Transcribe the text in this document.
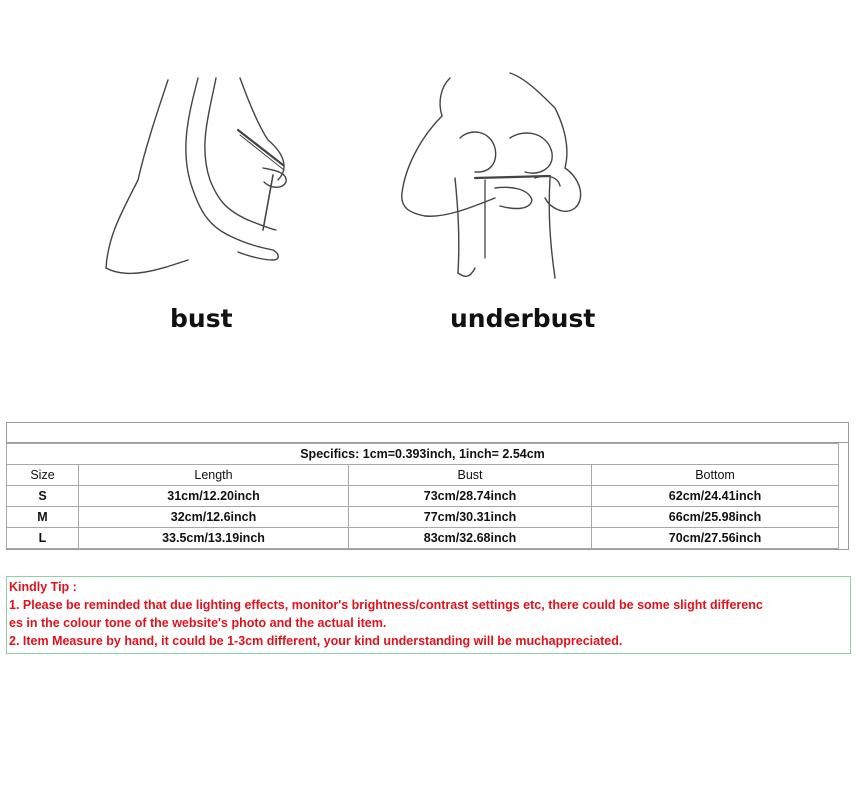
bust	underbust
Specifics: 1cm=0.393inch, 1inch= 2.54cm			
Size	Length	Bust	Bottom
S	31cm/12.20inch	73cm/28.74inch	62cm/24.41inch
M	32cm/12.6inch	77cm/30.31inch	66cm/25.98inch
L	33.5cm/13.19inch	83cm/32.68inch	70cm/27.56inch
Kindly Tip :
1. Please be reminded that due lighting effects, monitor's brightness/contrast settings etc, there could be some slight differenc
es in the colour tone of the website's photo and the actual item.
2. Item Measure by hand, it could be 1-3cm different, your kind understanding will be muchappreciated.
